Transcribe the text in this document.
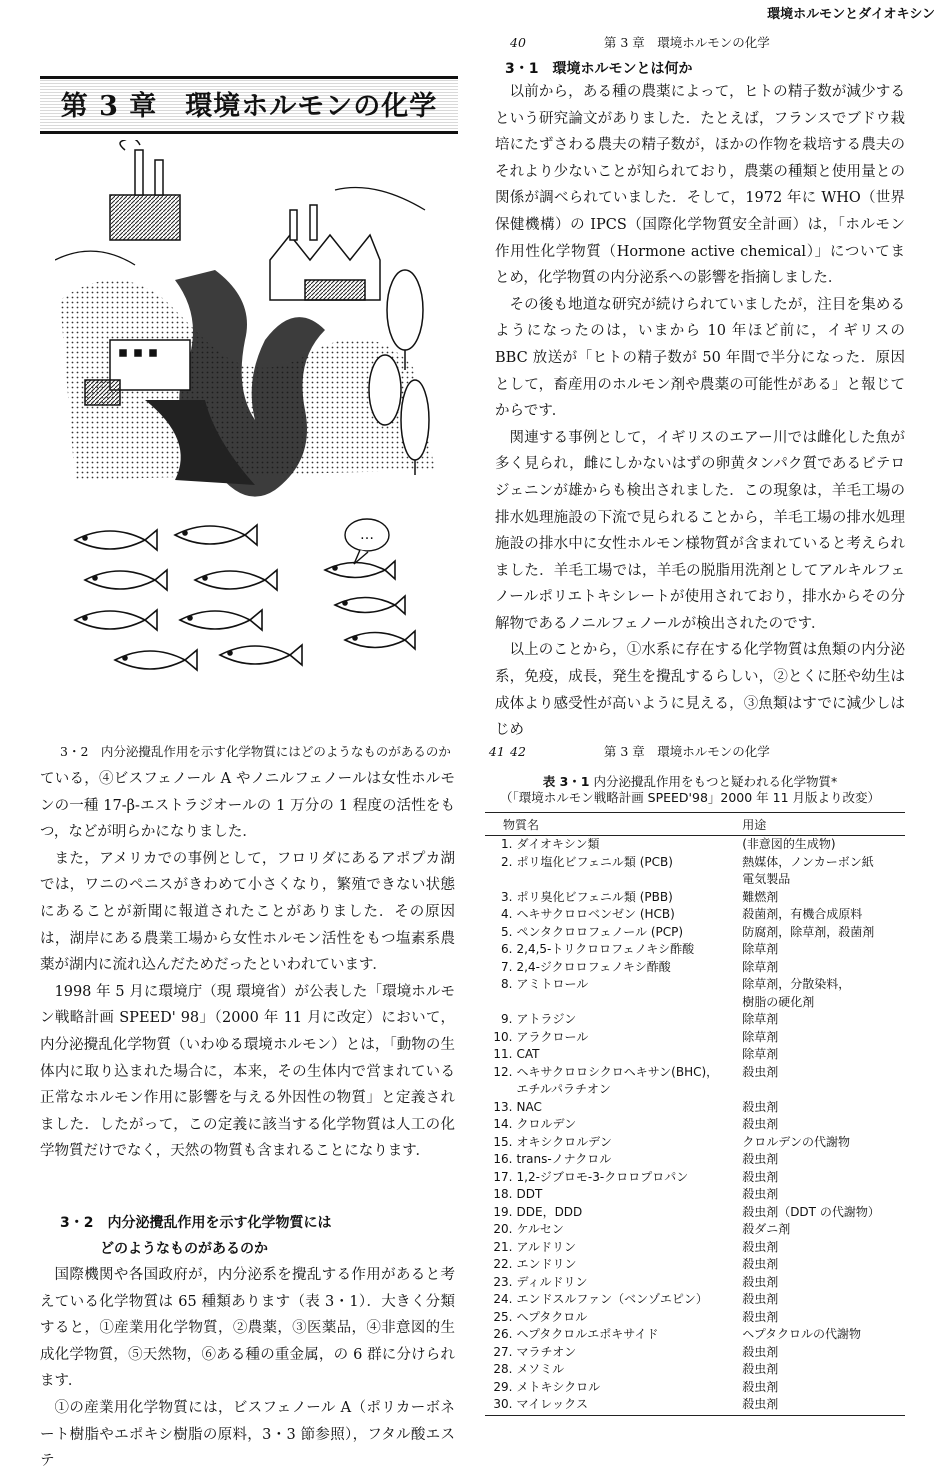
環境ホルモンとダイオキシン
第 3 章　環境ホルモンの化学
…
40	第 3 章　環境ホルモンの化学
3・1　環境ホルモンとは何か

以前から，ある種の農薬によって，ヒトの精子数が減少するという研究論文がありました．たとえば，フランスでブドウ栽培にたずさわる農夫の精子数が，ほかの作物を栽培する農夫のそれより少ないことが知られており，農薬の種類と使用量との関係が調べられていました．そして，1972 年に WHO（世界保健機構）の IPCS（国際化学物質安全計画）は，「ホルモン作用性化学物質（Hormone active chemical）」についてまとめ，化学物質の内分泌系への影響を指摘しました．

その後も地道な研究が続けられていましたが，注目を集めるようになったのは，いまから 10 年ほど前に，イギリスの BBC 放送が「ヒトの精子数が 50 年間で半分になった．原因として，畜産用のホルモン剤や農薬の可能性がある」と報じてからです．

関連する事例として，イギリスのエアー川では雌化した魚が多く見られ，雌にしかないはずの卵黄タンパク質であるビテロジェニンが雄からも検出されました．この現象は，羊毛工場の排水処理施設の下流で見られることから，羊毛工場の排水処理施設の排水中に女性ホルモン様物質が含まれていると考えられました．羊毛工場では，羊毛の脱脂用洗剤としてアルキルフェノールポリエトキシレートが使用されており，排水からその分解物であるノニルフェノールが検出されたのです．

以上のことから，①水系に存在する化学物質は魚類の内分泌系，免疫，成長，発生を攪乱するらしい，②とくに胚や幼生は成体より感受性が高いように見える，③魚類はすでに減少しはじめ

3・2　内分泌攪乱作用を示す化学物質にはどのようなものがあるのか	41

ている，④ビスフェノール A やノニルフェノールは女性ホルモンの一種 17-β-エストラジオールの 1 万分の 1 程度の活性をもつ，などが明らかになりました．

また，アメリカでの事例として，フロリダにあるアポプカ湖では，ワニのペニスがきわめて小さくなり，繁殖できない状態にあることが新聞に報道されたことがありました．その原因は，湖岸にある農業工場から女性ホルモン活性をもつ塩素系農薬が湖内に流れ込んだためだったといわれています．

1998 年 5 月に環境庁（現 環境省）が公表した「環境ホルモン戦略計画 SPEED' 98」（2000 年 11 月に改定）において，内分泌攪乱化学物質（いわゆる環境ホルモン）とは，「動物の生体内に取り込まれた場合に，本来，その生体内で営まれている正常なホルモン作用に影響を与える外因性の物質」と定義されました．したがって，この定義に該当する化学物質は人工の化学物質だけでなく，天然の物質も含まれることになります．

3・2　内分泌攪乱作用を示す化学物質には
どのようなものがあるのか

国際機関や各国政府が，内分泌系を攪乱する作用があると考えている化学物質は 65 種類あります（表 3・1）．大きく分類すると，①産業用化学物質，②農薬，③医薬品，④非意図的生成化学物質，⑤天然物，⑥ある種の重金属，の 6 群に分けられます．

①の産業用化学物質には，ビスフェノール A（ポリカーボネート樹脂やエポキシ樹脂の原料，3・3 節参照），フタル酸エステ

42	第 3 章　環境ホルモンの化学
表 3・1 内分泌攪乱作用をもつと疑われる化学物質*
（「環境ホルモン戦略計画 SPEED'98」2000 年 11 月版より改変）
物質名		用途
1.	ダイオキシン類	(非意図的生成物)
2.	ポリ塩化ビフェニル類 (PCB)	熱媒体，ノンカーボン紙
		電気製品
3.	ポリ臭化ビフェニル類 (PBB)	難燃剤
4.	ヘキサクロロベンゼン (HCB)	殺菌剤，有機合成原料
5.	ペンタクロロフェノール (PCP)	防腐剤，除草剤，殺菌剤
6.	2,4,5-トリクロロフェノキシ酢酸	除草剤
7.	2,4-ジクロロフェノキシ酢酸	除草剤
8.	アミトロール	除草剤，分散染料，
		樹脂の硬化剤
9.	アトラジン	除草剤
10.	アラクロール	除草剤
11.	CAT	除草剤
12.	ヘキサクロロシクロヘキサン(BHC)，	殺虫剤
	エチルパラチオン	
13.	NAC	殺虫剤
14.	クロルデン	殺虫剤
15.	オキシクロルデン	クロルデンの代謝物
16.	trans-ノナクロル	殺虫剤
17.	1,2-ジブロモ-3-クロロプロパン	殺虫剤
18.	DDT	殺虫剤
19.	DDE，DDD	殺虫剤（DDT の代謝物）
20.	ケルセン	殺ダニ剤
21.	アルドリン	殺虫剤
22.	エンドリン	殺虫剤
23.	ディルドリン	殺虫剤
24.	エンドスルファン（ベンゾエピン）	殺虫剤
25.	ヘプタクロル	殺虫剤
26.	ヘプタクロルエポキサイド	ヘプタクロルの代謝物
27.	マラチオン	殺虫剤
28.	メソミル	殺虫剤
29.	メトキシクロル	殺虫剤
30.	マイレックス	殺虫剤
